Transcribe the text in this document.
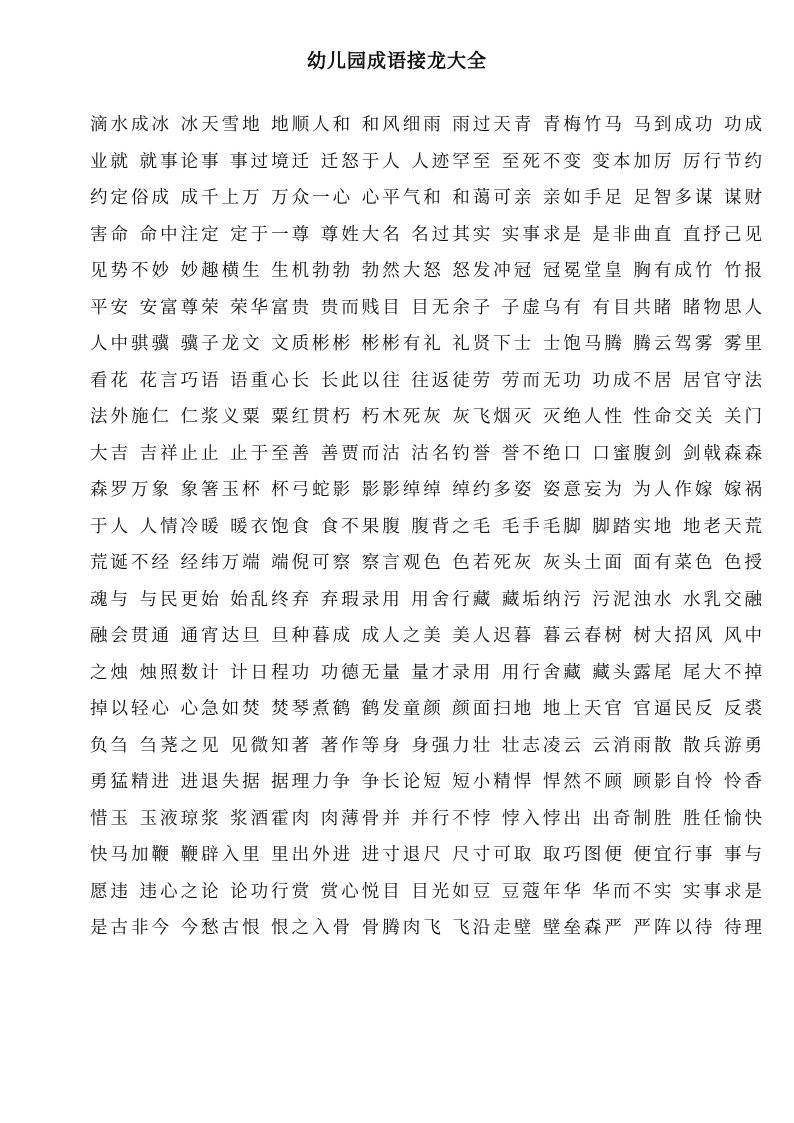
幼儿园成语接龙大全
滴水成冰 冰天雪地 地顺人和 和风细雨 雨过天青 青梅竹马 马到成功 功成
业就 就事论事 事过境迁 迁怒于人 人迹罕至 至死不变 变本加厉 厉行节约
约定俗成 成千上万 万众一心 心平气和 和蔼可亲 亲如手足 足智多谋 谋财
害命 命中注定 定于一尊 尊姓大名 名过其实 实事求是 是非曲直 直抒己见
见势不妙 妙趣横生 生机勃勃 勃然大怒 怒发冲冠 冠冕堂皇 胸有成竹 竹报
平安 安富尊荣 荣华富贵 贵而贱目 目无余子 子虚乌有 有目共睹 睹物思人
人中骐骥 骥子龙文 文质彬彬 彬彬有礼 礼贤下士 士饱马腾 腾云驾雾 雾里
看花 花言巧语 语重心长 长此以往 往返徒劳 劳而无功 功成不居 居官守法
法外施仁 仁浆义粟 粟红贯朽 朽木死灰 灰飞烟灭 灭绝人性 性命交关 关门
大吉 吉祥止止 止于至善 善贾而沽 沽名钓誉 誉不绝口 口蜜腹剑 剑戟森森
森罗万象 象箸玉杯 杯弓蛇影 影影绰绰 绰约多姿 姿意妄为 为人作嫁 嫁祸
于人 人情冷暖 暖衣饱食 食不果腹 腹背之毛 毛手毛脚 脚踏实地 地老天荒
荒诞不经 经纬万端 端倪可察 察言观色 色若死灰 灰头土面 面有菜色 色授
魂与 与民更始 始乱终弃 弃瑕录用 用舍行藏 藏垢纳污 污泥浊水 水乳交融
融会贯通 通宵达旦 旦种暮成 成人之美 美人迟暮 暮云春树 树大招风 风中
之烛 烛照数计 计日程功 功德无量 量才录用 用行舍藏 藏头露尾 尾大不掉
掉以轻心 心急如焚 焚琴煮鹤 鹤发童颜 颜面扫地 地上天官 官逼民反 反裘
负刍 刍荛之见 见微知著 著作等身 身强力壮 壮志凌云 云消雨散 散兵游勇
勇猛精进 进退失据 据理力争 争长论短 短小精悍 悍然不顾 顾影自怜 怜香
惜玉 玉液琼浆 浆酒霍肉 肉薄骨并 并行不悖 悖入悖出 出奇制胜 胜任愉快
快马加鞭 鞭辟入里 里出外进 进寸退尺 尺寸可取 取巧图便 便宜行事 事与
愿违 违心之论 论功行赏 赏心悦目 目光如豆 豆蔻年华 华而不实 实事求是
是古非今 今愁古恨 恨之入骨 骨腾肉飞 飞沿走壁 壁垒森严 严阵以待 待理
